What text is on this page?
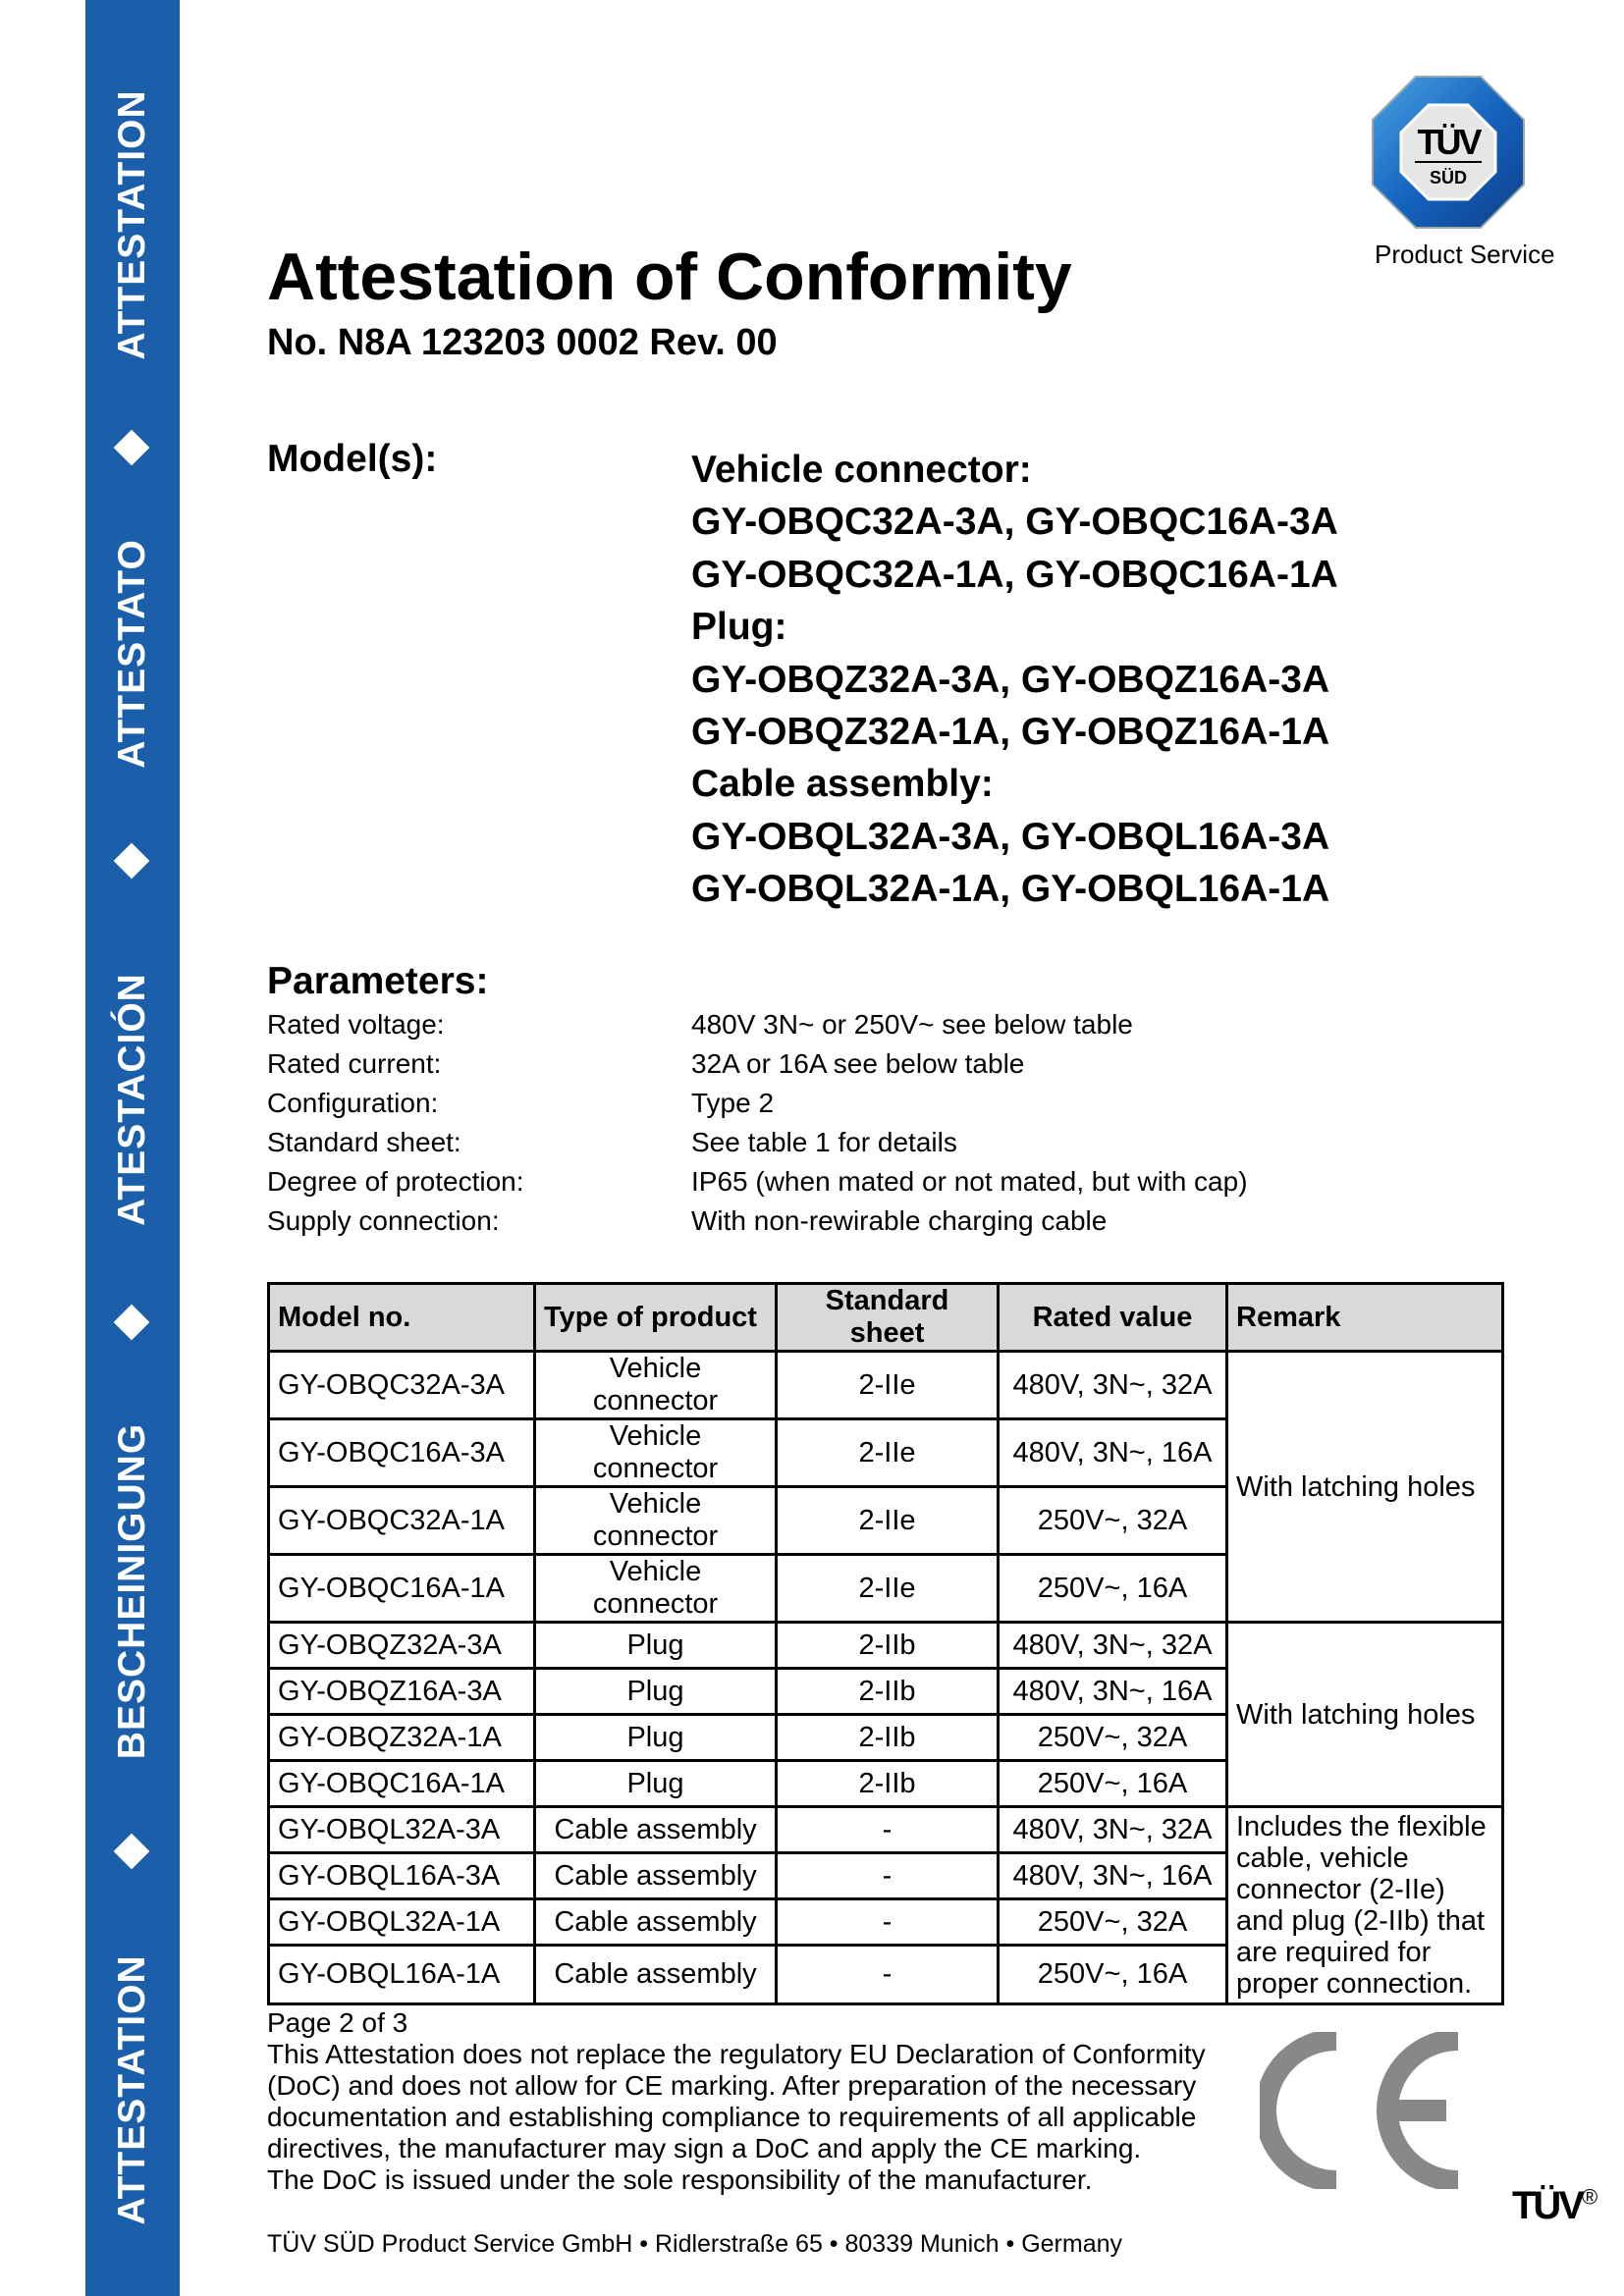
ATTESTATION
ATTESTATO
ATESTACIÓN
BESCHEINIGUNG
ATTESTATION
TÜV
SÜD
Product Service
Attestation of Conformity
No. N8A 123203 0002 Rev. 00
Model(s):	Vehicle connector:
GY-OBQC32A-3A, GY-OBQC16A-3A
GY-OBQC32A-1A, GY-OBQC16A-1A
Plug:
GY-OBQZ32A-3A, GY-OBQZ16A-3A
GY-OBQZ32A-1A, GY-OBQZ16A-1A
Cable assembly:
GY-OBQL32A-3A, GY-OBQL16A-3A
GY-OBQL32A-1A, GY-OBQL16A-1A
Parameters:
Rated voltage:	480V 3N~ or 250V~ see below table
Rated current:	32A or 16A see below table
Configuration:	Type 2
Standard sheet:	See table 1 for details
Degree of protection:	IP65 (when mated or not mated, but with cap)
Supply connection:	With non-rewirable charging cable
Model no.	Type of product	Standard sheet	Rated value	Remark
GY-OBQC32A-3A	Vehicle connector	2-IIe	480V, 3N~, 32A	With latching holes
GY-OBQC16A-3A	Vehicle connector	2-IIe	480V, 3N~, 16A	
GY-OBQC32A-1A	Vehicle connector	2-IIe	250V~, 32A	
GY-OBQC16A-1A	Vehicle connector	2-IIe	250V~, 16A	
GY-OBQZ32A-3A	Plug	2-IIb	480V, 3N~, 32A	With latching holes
GY-OBQZ16A-3A	Plug	2-IIb	480V, 3N~, 16A	
GY-OBQZ32A-1A	Plug	2-IIb	250V~, 32A	
GY-OBQC16A-1A	Plug	2-IIb	250V~, 16A	
GY-OBQL32A-3A	Cable assembly	-	480V, 3N~, 32A	Includes the flexible cable, vehicle connector (2-IIe) and plug (2-IIb) that are required for proper connection.
GY-OBQL16A-3A	Cable assembly	-	480V, 3N~, 16A	
GY-OBQL32A-1A	Cable assembly	-	250V~, 32A	
GY-OBQL16A-1A	Cable assembly	-	250V~, 16A	
Page 2 of 3
This Attestation does not replace the regulatory EU Declaration of Conformity
(DoC) and does not allow for CE marking. After preparation of the necessary
documentation and establishing compliance to requirements of all applicable
directives, the manufacturer may sign a DoC and apply the CE marking.
The DoC is issued under the sole responsibility of the manufacturer.
TÜV SÜD Product Service GmbH • Ridlerstraße 65 • 80339 Munich • Germany
TÜV®
